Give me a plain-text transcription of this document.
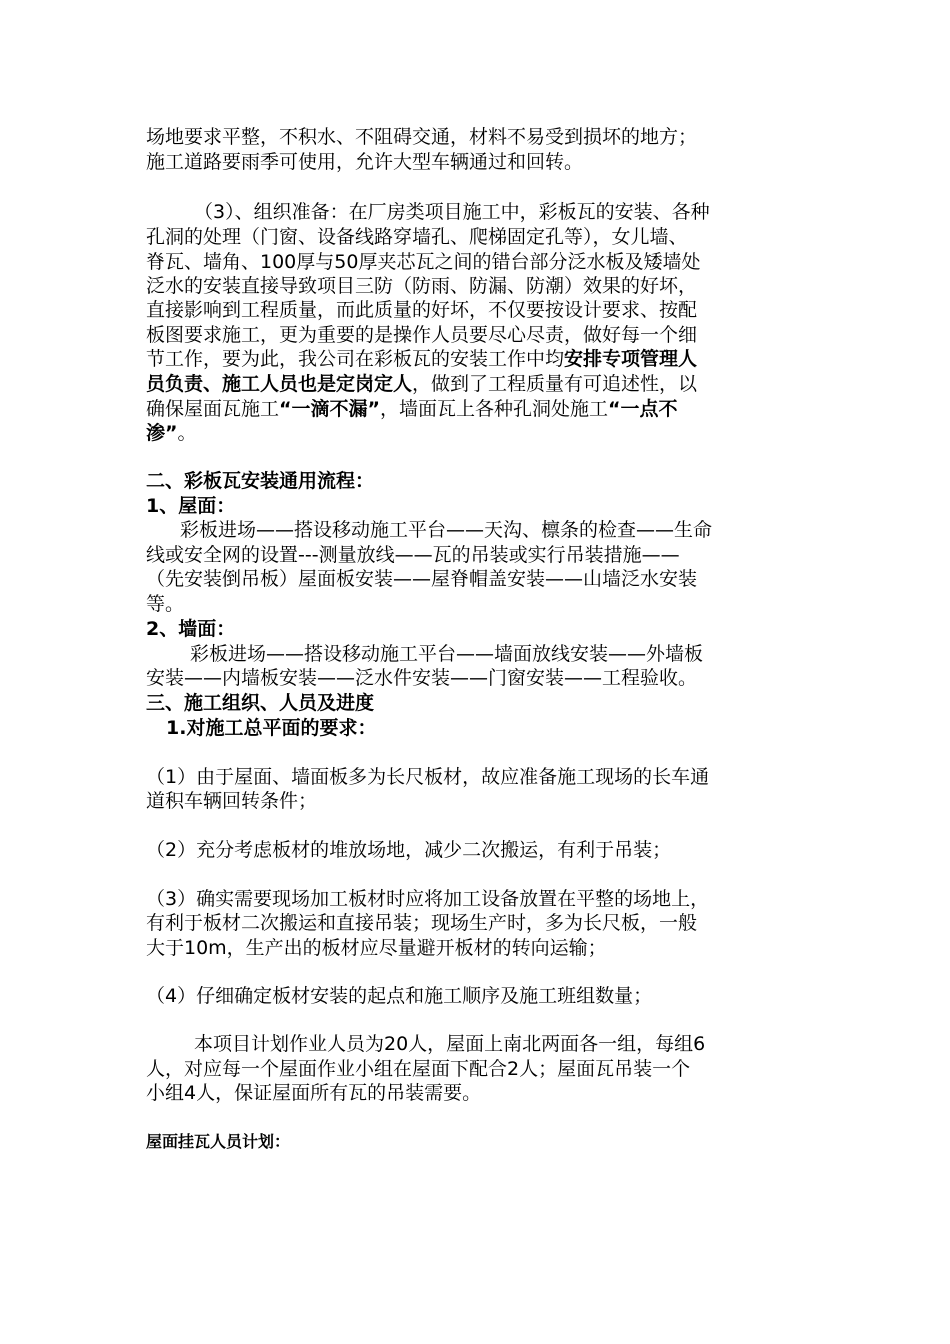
场地要求平整，不积水、不阻碍交通，材料不易受到损坏的地方；
施工道路要雨季可使用，允许大型车辆通过和回转。
（3）、组织准备：在厂房类项目施工中，彩板瓦的安装、各种
孔洞的处理（门窗、设备线路穿墙孔、爬梯固定孔等），女儿墙、
脊瓦、墙角、100厚与50厚夹芯瓦之间的错台部分泛水板及矮墙处
泛水的安装直接导致项目三防（防雨、防漏、防潮）效果的好坏，
直接影响到工程质量，而此质量的好坏，不仅要按设计要求、按配
板图要求施工，更为重要的是操作人员要尽心尽责，做好每一个细
节工作，要为此，我公司在彩板瓦的安装工作中均安排专项管理人
员负责、施工人员也是定岗定人，做到了工程质量有可追述性，以
确保屋面瓦施工“一滴不漏”，墙面瓦上各种孔洞处施工“一点不
渗”。
二、彩板瓦安装通用流程：
1、屋面：
彩板进场——搭设移动施工平台——天沟、檩条的检查——生命
线或安全网的设置---测量放线——瓦的吊装或实行吊装措施——
（先安装倒吊板）屋面板安装——屋脊帽盖安装——山墙泛水安装
等。
2、墙面：
彩板进场——搭设移动施工平台——墙面放线安装——外墙板
安装——内墙板安装——泛水件安装——门窗安装——工程验收。
三、施工组织、人员及进度
1.对施工总平面的要求：
（1）由于屋面、墙面板多为长尺板材，故应准备施工现场的长车通
道积车辆回转条件；
（2）充分考虑板材的堆放场地，减少二次搬运，有利于吊装；
（3）确实需要现场加工板材时应将加工设备放置在平整的场地上，
有利于板材二次搬运和直接吊装；现场生产时，多为长尺板，一般
大于10m，生产出的板材应尽量避开板材的转向运输；
（4）仔细确定板材安装的起点和施工顺序及施工班组数量；
本项目计划作业人员为20人，屋面上南北两面各一组，每组6
人，对应每一个屋面作业小组在屋面下配合2人；屋面瓦吊装一个
小组4人，保证屋面所有瓦的吊装需要。
屋面挂瓦人员计划：
